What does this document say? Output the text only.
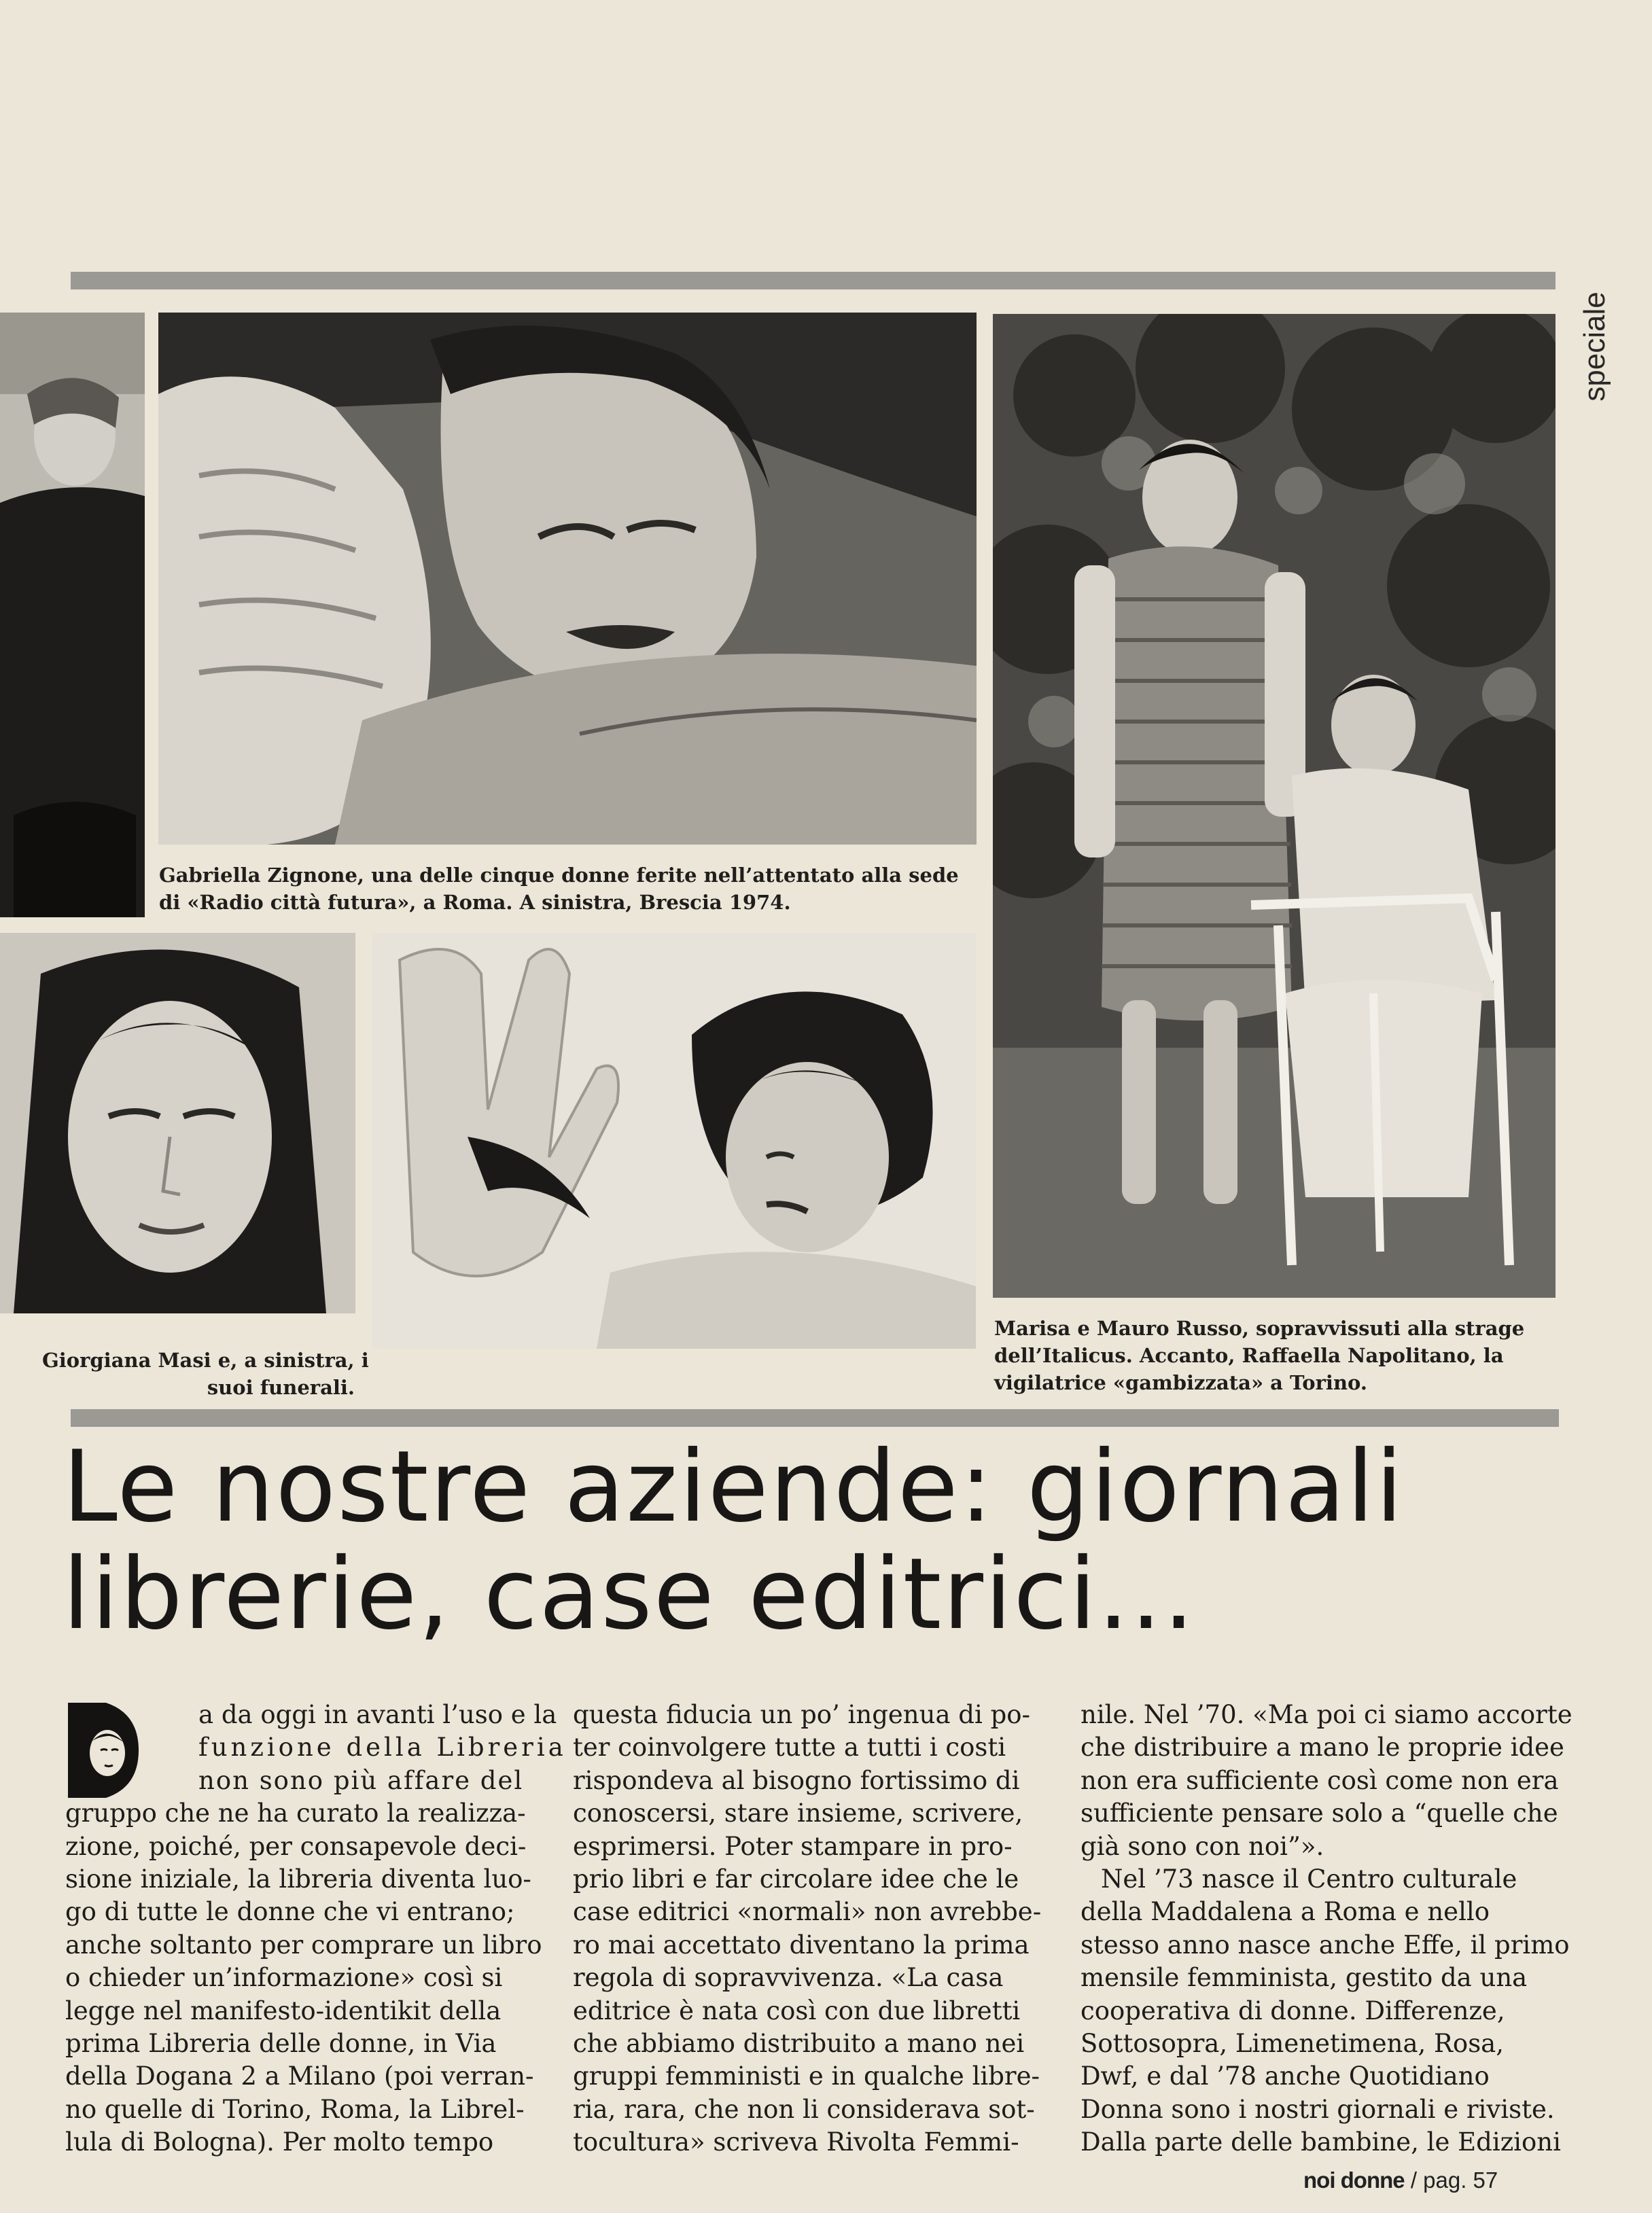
speciale
Gabriella Zignone, una delle cinque donne ferite nell’attentato alla sede
di «Radio città futura», a Roma. A sinistra, Brescia 1974.
Giorgiana Masi e, a sinistra, i
suoi funerali.
Marisa e Mauro Russo, sopravvissuti alla strage
dell’Italicus. Accanto, Raffaella Napolitano, la
vigilatrice «gambizzata» a Torino.
Le nostre aziende: giornali
librerie, case editrici...
a da oggi in avanti l’uso e la
funzione della Libreria
non sono più affare del
gruppo che ne ha curato la realizza-
zione, poiché, per consapevole deci-
sione iniziale, la libreria diventa luo-
go di tutte le donne che vi entrano;
anche soltanto per comprare un libro
o chieder un’informazione» così si
legge nel manifesto-identikit della
prima Libreria delle donne, in Via
della Dogana 2 a Milano (poi verran-
no quelle di Torino, Roma, la Librel-
lula di Bologna). Per molto tempo
questa fiducia un po’ ingenua di po-
ter coinvolgere tutte a tutti i costi
rispondeva al bisogno fortissimo di
conoscersi, stare insieme, scrivere,
esprimersi. Poter stampare in pro-
prio libri e far circolare idee che le
case editrici «normali» non avrebbe-
ro mai accettato diventano la prima
regola di sopravvivenza. «La casa
editrice è nata così con due libretti
che abbiamo distribuito a mano nei
gruppi femministi e in qualche libre-
ria, rara, che non li considerava sot-
tocultura» scriveva Rivolta Femmi-
nile. Nel ’70. «Ma poi ci siamo accorte
che distribuire a mano le proprie idee
non era sufficiente così come non era
sufficiente pensare solo a “quelle che
già sono con noi”».
Nel ’73 nasce il Centro culturale
della Maddalena a Roma e nello
stesso anno nasce anche Effe, il primo
mensile femminista, gestito da una
cooperativa di donne. Differenze,
Sottosopra, Limenetimena, Rosa,
Dwf, e dal ’78 anche Quotidiano
Donna sono i nostri giornali e riviste.
Dalla parte delle bambine, le Edizioni
noi donne / pag. 57
